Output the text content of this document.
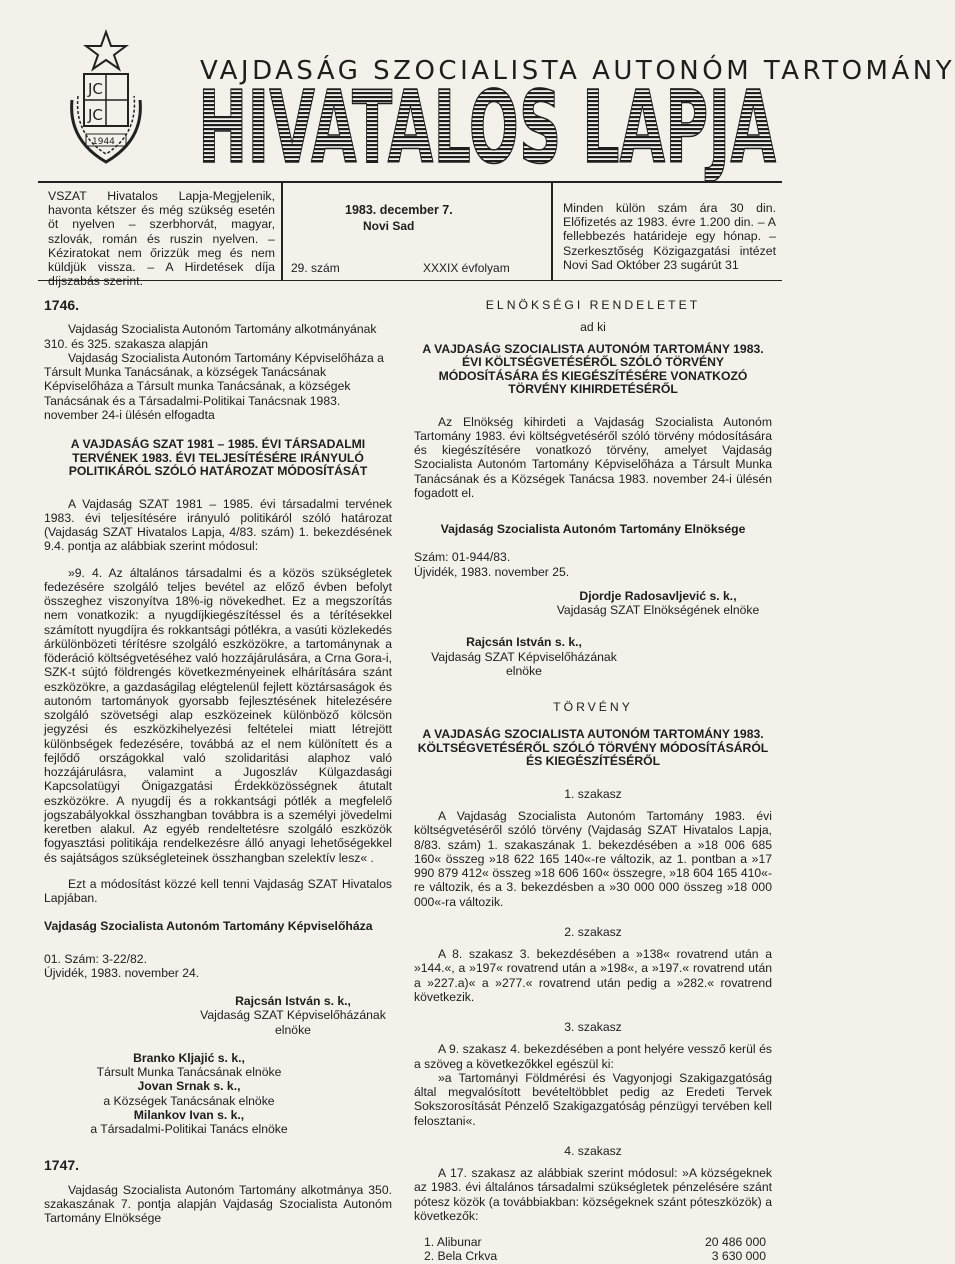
ЈС
ЈС
1944
VAJDASÁG SZOCIALISTA AUTONÓM TARTOMÁNY
HIVATALOS LAPJA

VSZAT Hivatalos Lapja-Megjelenik, havonta kétszer és még szükség esetén öt nyelven – szerbhorvát, magyar, szlovák, román és ruszin nyelven. – Kéziratokat nem őrizzük meg és nem küldjük vissza. – A Hirdetések díja díjszabás szerint.

1983. december 7.
Novi Sad
29. szám	XXXIX évfolyam

Minden külön szám ára 30 din. Előfizetés az 1983. évre 1.200 din. – A fellebbezés határideje egy hónap. – Szerkesztőség Közigazgatási intézet Novi Sad Október 23 sugárút 31

1746.

Vajdaság Szocialista Autonóm Tartomány alkotmányának 310. és 325. szakasza alapján

Vajdaság Szocialista Autonóm Tartomány Képviselőháza a Társult Munka Tanácsának, a községek Tanácsának Képviselőháza a Társult munka Tanácsának, a községek Tanácsának és a Társadalmi-Politikai Tanácsnak 1983. november 24-i ülésén elfogadta

A VAJDASÁG SZAT 1981 – 1985. ÉVI TÁRSADALMI TERVÉNEK 1983. ÉVI TELJESÍTÉSÉRE IRÁNYULÓ POLITIKÁRÓL SZÓLÓ HATÁROZAT MÓDOSÍTÁSÁT

A Vajdaság SZAT 1981 – 1985. évi társadalmi tervének 1983. évi teljesítésére irányuló politikáról szóló határozat (Vajdaság SZAT Hivatalos Lapja, 4/83. szám) 1. bekezdésének 9.4. pontja az alábbiak szerint módosul:

»9. 4. Az általános társadalmi és a közös szükségletek fedezésére szolgáló teljes bevétel az előző évben befolyt összeghez viszonyítva 18%-ig növekedhet. Ez a megszorítás nem vonatkozik: a nyugdíjkiegészítéssel és a térítésekkel számított nyugdíjra és rokkantsági pótlékra, a vasúti közlekedés árkülönbözeti térítésre szolgáló eszközökre, a tartománynak a föderáció költségvetéséhez való hozzájárulására, a Crna Gora-i, SZK-t sújtó földrengés következményeinek elhárítására szánt eszközökre, a gazdaságilag elégtelenül fejlett köztársaságok és autonóm tartományok gyorsabb fejlesztésének hitelezésére szolgáló szövetségi alap eszközeinek különböző kölcsön jegyzési és eszközkihelyezési feltételei miatt létrejött különbségek fedezésére, továbbá az el nem különített és a fejlődő országokkal való szolidaritási alaphoz való hozzájárulásra, valamint a Jugoszláv Külgazdasági Kapcsolatügyi Önigazgatási Érdekközösségnek átutalt eszközökre. A nyugdíj és a rokkantsági pótlék a megfelelő jogszabályokkal összhangban továbbra is a személyi jövedelmi keretben alakul. Az egyéb rendeltetésre szolgáló eszközök fogyasztási politikája rendelkezésre álló anyagi lehetőségekkel és sajátságos szükségleteinek összhangban szelektív lesz« .

Ezt a módosítást közzé kell tenni Vajdaság SZAT Hivatalos Lapjában.

Vajdaság Szocialista Autonóm Tartomány Képviselőháza

01. Szám: 3-22/82.

Újvidék, 1983. november 24.

Rajcsán István s. k.,

Vajdaság SZAT Képviselőházának

elnöke

Branko Kljajić s. k.,

Társult Munka Tanácsának elnöke

Jovan Srnak s. k.,

a Községek Tanácsának elnöke

Milankov Ivan s. k.,

a Társadalmi-Politikai Tanács elnöke

1747.

Vajdaság Szocialista Autonóm Tartomány alkotmánya 350. szakaszának 7. pontja alapján Vajdaság Szocialista Autonóm Tartomány Elnöksége

ELNÖKSÉGI RENDELETET

ad ki

A VAJDASÁG SZOCIALISTA AUTONÓM TARTOMÁNY 1983. ÉVI KÖLTSÉGVETÉSÉRŐL SZÓLÓ TÖRVÉNY MÓDOSÍTÁSÁRA ÉS KIEGÉSZÍTÉSÉRE VONATKOZÓ TÖRVÉNY KIHIRDETÉSÉRŐL

Az Elnökség kihirdeti a Vajdaság Szocialista Autonóm Tartomány 1983. évi költségvetéséről szóló törvény módosítására és kiegészítésére vonatkozó törvény, amelyet Vajdaság Szocialista Autonóm Tartomány Képviselőháza a Társult Munka Tanácsának és a Községek Tanácsa 1983. november 24-i ülésén fogadott el.

Vajdaság Szocialista Autonóm Tartomány Elnöksége

Szám: 01-944/83.

Újvidék, 1983. november 25.

Djordje Radosavljević s. k.,

Vajdaság SZAT Elnökségének elnöke

Rajcsán István s. k.,

Vajdaság SZAT Képviselőházának

elnöke

TÖRVÉNY

A VAJDASÁG SZOCIALISTA AUTONÓM TARTOMÁNY 1983. KÖLTSÉGVETÉSÉRŐL SZÓLÓ TÖRVÉNY MÓDOSÍTÁSÁRÓL ÉS KIEGÉSZÍTÉSÉRŐL

1. szakasz

A Vajdaság Szocialista Autonóm Tartomány 1983. évi költségvetéséről szóló törvény (Vajdaság SZAT Hivatalos Lapja, 8/83. szám) 1. szakaszának 1. bekezdésében a »18 006 685 160« összeg »18 622 165 140«-re változik, az 1. pontban a »17 990 879 412« összeg »18 606 160« összegre, »18 604 165 410«-re változik, és a 3. bekezdésben a »30 000 000 összeg »18 000 000«-ra változik.

2. szakasz

A 8. szakasz 3. bekezdésében a »138« rovatrend után a »144.«, a »197« rovatrend után a »198«, a »197.« rovatrend után a »227.a)« a »277.« rovatrend után pedig a »282.« rovatrend következik.

3. szakasz

A 9. szakasz 4. bekezdésében a pont helyére vessző kerül és a szöveg a következőkkel egészül ki:

»a Tartományi Földmérési és Vagyonjogi Szakigazgatóság által megvalósított bevételtöbblet pedig az Eredeti Tervek Sokszorosítását Pénzelő Szakigazgatóság pénzügyi tervében kell felosztani«.

4. szakasz

A 17. szakasz az alábbiak szerint módosul: »A községeknek az 1983. évi általános társadalmi szükségletek pénzelésére szánt pótesz közök (a továbbiakban: községeknek szánt póteszközök) a következők:

1. Alibunar	20 486 000
2. Bela Crkva	3 630 000
